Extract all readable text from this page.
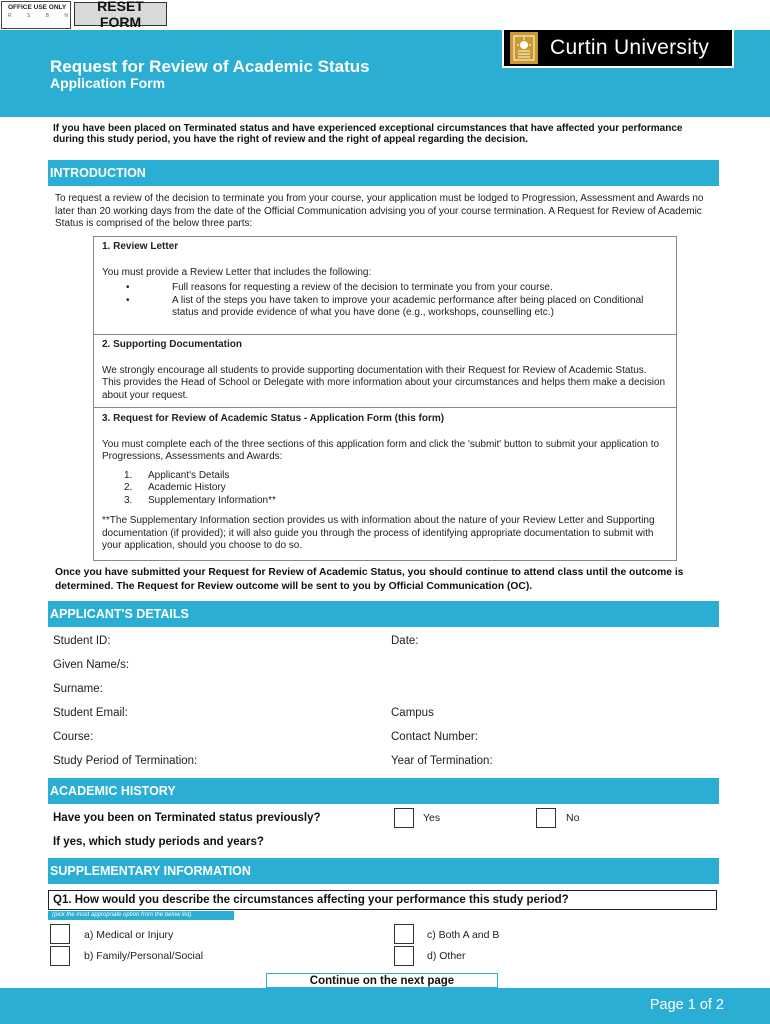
OFFICE USE ONLY
R	S	B	N
RESET FORM
Request for Review of Academic Status
Application Form
Curtin University
If you have been placed on Terminated status and have experienced exceptional circumstances that have affected your performance during this study period, you have the right of review and the right of appeal regarding the decision.
INTRODUCTION
To request a review of the decision to terminate you from your course, your application must be lodged to Progression, Assessment and Awards no later than 20 working days from the date of the Official Communication advising you of your course termination. A Request for Review of Academic Status is comprised of the below three parts:
1. Review Letter
You must provide a Review Letter that includes the following:
•	Full reasons for requesting a review of the decision to terminate you from your course.
•	A list of the steps you have taken to improve your academic performance after being placed on Conditional status and provide evidence of what you have done (e.g., workshops, counselling etc.)
2. Supporting Documentation
We strongly encourage all students to provide supporting documentation with their Request for Review of Academic Status. This provides the Head of School or Delegate with more information about your circumstances and helps them make a decision about your request.
3. Request for Review of Academic Status - Application Form (this form)
You must complete each of the three sections of this application form and click the 'submit' button to submit your application to Progressions, Assessments and Awards:
1.	Applicant's Details
2.	Academic History
3.	Supplementary Information**
**The Supplementary Information section provides us with information about the nature of your Review Letter and Supporting documentation (if provided); it will also guide you through the process of identifying appropriate documentation to submit with your application, should you choose to do so.
Once you have submitted your Request for Review of Academic Status, you should continue to attend class until the outcome is determined. The Request for Review outcome will be sent to you by Official Communication (OC).
APPLICANT'S DETAILS
Student ID:	Date:
Given Name/s:
Surname:
Student Email:	Campus
Course:	Contact Number:
Study Period of Termination:	Year of Termination:
ACADEMIC HISTORY
Have you been on Terminated status previously?	Yes	No
If yes, which study periods and years?
SUPPLEMENTARY INFORMATION
Q1. How would you describe the circumstances affecting your performance this study period?
(pick the most appropriate option from the below list)
a) Medical or Injury	c) Both A and B
b) Family/Personal/Social	d) Other
Continue on the next page
Page 1 of 2
